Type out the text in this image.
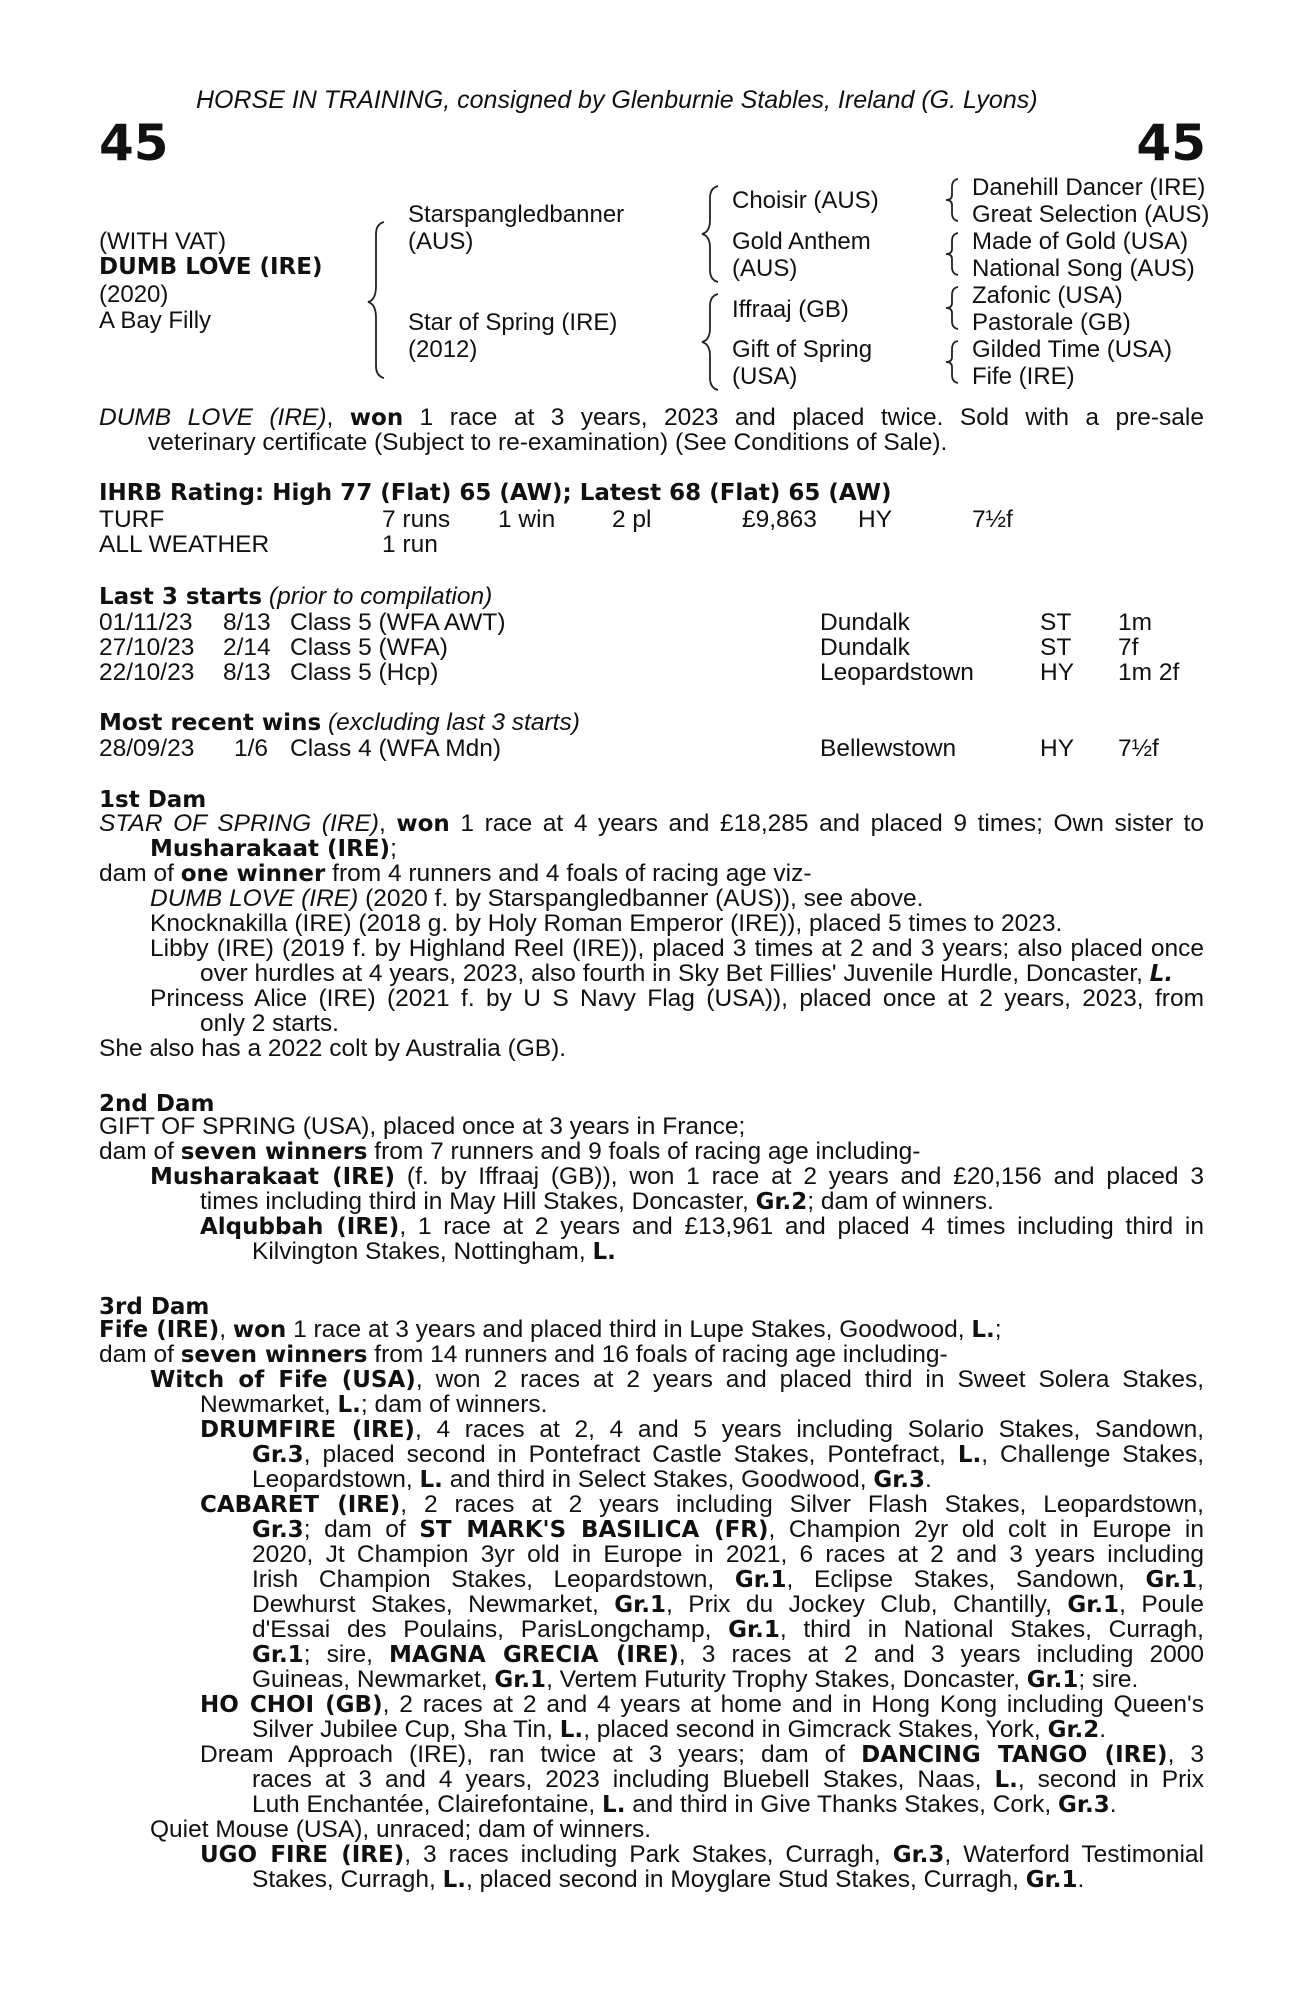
HORSE IN TRAINING, consigned by Glenburnie Stables, Ireland (G. Lyons)
45	45
(WITH VAT)
DUMB LOVE (IRE)
(2020)
A Bay Filly
Starspangledbanner
(AUS)
Star of Spring (IRE)
(2012)
Choisir (AUS)
Gold Anthem
(AUS)
Iffraaj (GB)
Gift of Spring
(USA)
Danehill Dancer (IRE)
Great Selection (AUS)
Made of Gold (USA)
National Song (AUS)
Zafonic (USA)
Pastorale (GB)
Gilded Time (USA)
Fife (IRE)
DUMB LOVE (IRE), won 1 race at 3 years, 2023 and placed twice. Sold with a pre-sale
veterinary certificate (Subject to re-examination) (See Conditions of Sale).
IHRB Rating: High 77 (Flat) 65 (AW); Latest 68 (Flat) 65 (AW)
TURF	7 runs 1 win 2 pl	£9,863 HY	7½f
ALL WEATHER	1 run
Last 3 starts (prior to compilation)
01/11/23 8/13 Class 5 (WFA AWT)	Dundalk	ST 1m
27/10/23 2/14 Class 5 (WFA)	Dundalk	ST 7f
22/10/23 8/13 Class 5 (Hcp)	Leopardstown	HY 1m 2f
Most recent wins (excluding last 3 starts)
28/09/23 1/6 Class 4 (WFA Mdn)	Bellewstown	HY 7½f
1st Dam
STAR OF SPRING (IRE), won 1 race at 4 years and £18,285 and placed 9 times; Own sister to
Musharakaat (IRE);
dam of one winner from 4 runners and 4 foals of racing age viz-
DUMB LOVE (IRE) (2020 f. by Starspangledbanner (AUS)), see above.
Knocknakilla (IRE) (2018 g. by Holy Roman Emperor (IRE)), placed 5 times to 2023.
Libby (IRE) (2019 f. by Highland Reel (IRE)), placed 3 times at 2 and 3 years; also placed once
over hurdles at 4 years, 2023, also fourth in Sky Bet Fillies' Juvenile Hurdle, Doncaster, L.
Princess Alice (IRE) (2021 f. by U S Navy Flag (USA)), placed once at 2 years, 2023, from
only 2 starts.
She also has a 2022 colt by Australia (GB).
2nd Dam
GIFT OF SPRING (USA), placed once at 3 years in France;
dam of seven winners from 7 runners and 9 foals of racing age including-
Musharakaat (IRE) (f. by Iffraaj (GB)), won 1 race at 2 years and £20,156 and placed 3
times including third in May Hill Stakes, Doncaster, Gr.2; dam of winners.
Alqubbah (IRE), 1 race at 2 years and £13,961 and placed 4 times including third in
Kilvington Stakes, Nottingham, L.
3rd Dam
Fife (IRE), won 1 race at 3 years and placed third in Lupe Stakes, Goodwood, L.;
dam of seven winners from 14 runners and 16 foals of racing age including-
Witch of Fife (USA), won 2 races at 2 years and placed third in Sweet Solera Stakes,
Newmarket, L.; dam of winners.
DRUMFIRE (IRE), 4 races at 2, 4 and 5 years including Solario Stakes, Sandown,
Gr.3, placed second in Pontefract Castle Stakes, Pontefract, L., Challenge Stakes,
Leopardstown, L. and third in Select Stakes, Goodwood, Gr.3.
CABARET (IRE), 2 races at 2 years including Silver Flash Stakes, Leopardstown,
Gr.3; dam of ST MARK'S BASILICA (FR), Champion 2yr old colt in Europe in
2020, Jt Champion 3yr old in Europe in 2021, 6 races at 2 and 3 years including
Irish Champion Stakes, Leopardstown, Gr.1, Eclipse Stakes, Sandown, Gr.1,
Dewhurst Stakes, Newmarket, Gr.1, Prix du Jockey Club, Chantilly, Gr.1, Poule
d'Essai des Poulains, ParisLongchamp, Gr.1, third in National Stakes, Curragh,
Gr.1; sire, MAGNA GRECIA (IRE), 3 races at 2 and 3 years including 2000
Guineas, Newmarket, Gr.1, Vertem Futurity Trophy Stakes, Doncaster, Gr.1; sire.
HO CHOI (GB), 2 races at 2 and 4 years at home and in Hong Kong including Queen's
Silver Jubilee Cup, Sha Tin, L., placed second in Gimcrack Stakes, York, Gr.2.
Dream Approach (IRE), ran twice at 3 years; dam of DANCING TANGO (IRE), 3
races at 3 and 4 years, 2023 including Bluebell Stakes, Naas, L., second in Prix
Luth Enchantée, Clairefontaine, L. and third in Give Thanks Stakes, Cork, Gr.3.
Quiet Mouse (USA), unraced; dam of winners.
UGO FIRE (IRE), 3 races including Park Stakes, Curragh, Gr.3, Waterford Testimonial
Stakes, Curragh, L., placed second in Moyglare Stud Stakes, Curragh, Gr.1.
